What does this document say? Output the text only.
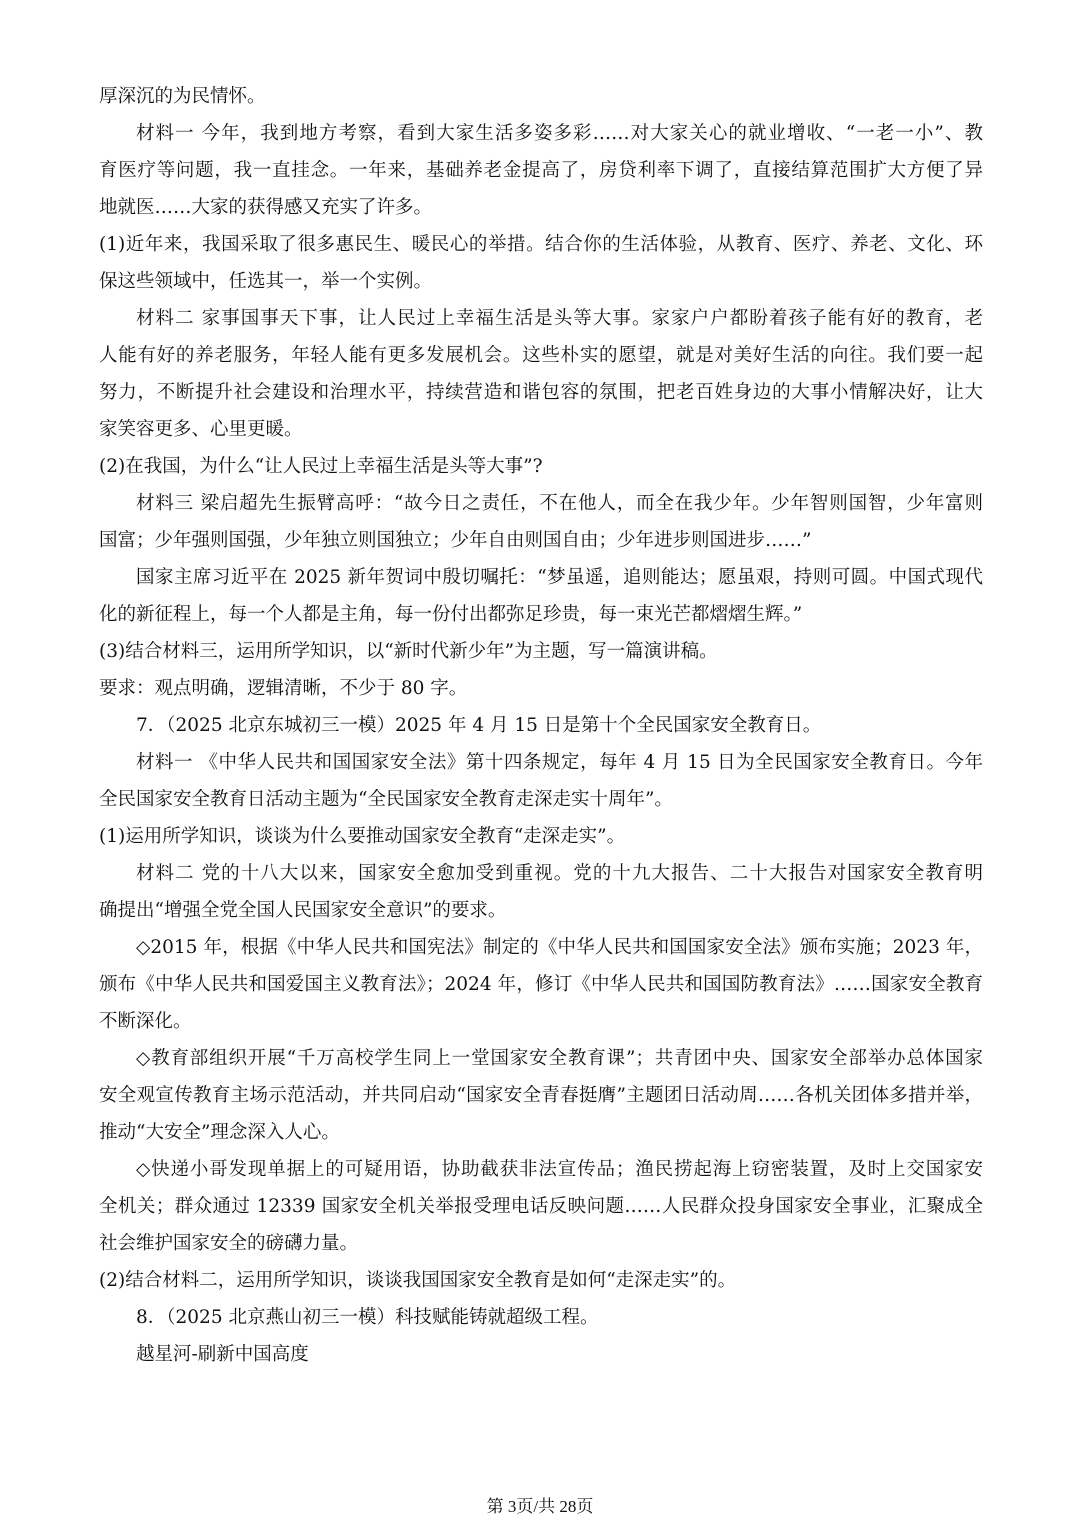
厚深沉的为民情怀。
材料一 今年，我到地方考察，看到大家生活多姿多彩……对大家关心的就业增收、“一老一小”、教
育医疗等问题，我一直挂念。一年来，基础养老金提高了，房贷利率下调了，直接结算范围扩大方便了异
地就医……大家的获得感又充实了许多。
(1)近年来，我国采取了很多惠民生、暖民心的举措。结合你的生活体验，从教育、医疗、养老、文化、环
保这些领域中，任选其一，举一个实例。
材料二 家事国事天下事，让人民过上幸福生活是头等大事。家家户户都盼着孩子能有好的教育，老
人能有好的养老服务，年轻人能有更多发展机会。这些朴实的愿望，就是对美好生活的向往。我们要一起
努力，不断提升社会建设和治理水平，持续营造和谐包容的氛围，把老百姓身边的大事小情解决好，让大
家笑容更多、心里更暖。
(2)在我国，为什么“让人民过上幸福生活是头等大事”?
材料三 梁启超先生振臂高呼：“故今日之责任，不在他人，而全在我少年。少年智则国智，少年富则
国富；少年强则国强，少年独立则国独立；少年自由则国自由；少年进步则国进步……”
国家主席习近平在 2025 新年贺词中殷切嘱托：“梦虽遥，追则能达；愿虽艰，持则可圆。中国式现代
化的新征程上，每一个人都是主角，每一份付出都弥足珍贵，每一束光芒都熠熠生辉。”
(3)结合材料三，运用所学知识，以“新时代新少年”为主题，写一篇演讲稿。
要求：观点明确，逻辑清晰，不少于 80 字。
7．（2025 北京东城初三一模）2025 年 4 月 15 日是第十个全民国家安全教育日。
材料一 《中华人民共和国国家安全法》第十四条规定，每年 4 月 15 日为全民国家安全教育日。今年
全民国家安全教育日活动主题为“全民国家安全教育走深走实十周年”。
(1)运用所学知识，谈谈为什么要推动国家安全教育“走深走实”。
材料二 党的十八大以来，国家安全愈加受到重视。党的十九大报告、二十大报告对国家安全教育明
确提出“增强全党全国人民国家安全意识”的要求。
◇2015 年，根据《中华人民共和国宪法》制定的《中华人民共和国国家安全法》颁布实施；2023 年，
颁布《中华人民共和国爱国主义教育法》；2024 年，修订《中华人民共和国国防教育法》……国家安全教育
不断深化。
◇教育部组织开展“千万高校学生同上一堂国家安全教育课”；共青团中央、国家安全部举办总体国家
安全观宣传教育主场示范活动，并共同启动“国家安全青春挺膺”主题团日活动周……各机关团体多措并举，
推动“大安全”理念深入人心。
◇快递小哥发现单据上的可疑用语，协助截获非法宣传品；渔民捞起海上窃密装置，及时上交国家安
全机关；群众通过 12339 国家安全机关举报受理电话反映问题……人民群众投身国家安全事业，汇聚成全
社会维护国家安全的磅礴力量。
(2)结合材料二，运用所学知识，谈谈我国国家安全教育是如何“走深走实”的。
8．（2025 北京燕山初三一模）科技赋能铸就超级工程。
越星河-刷新中国高度
第 3页/共 28页
